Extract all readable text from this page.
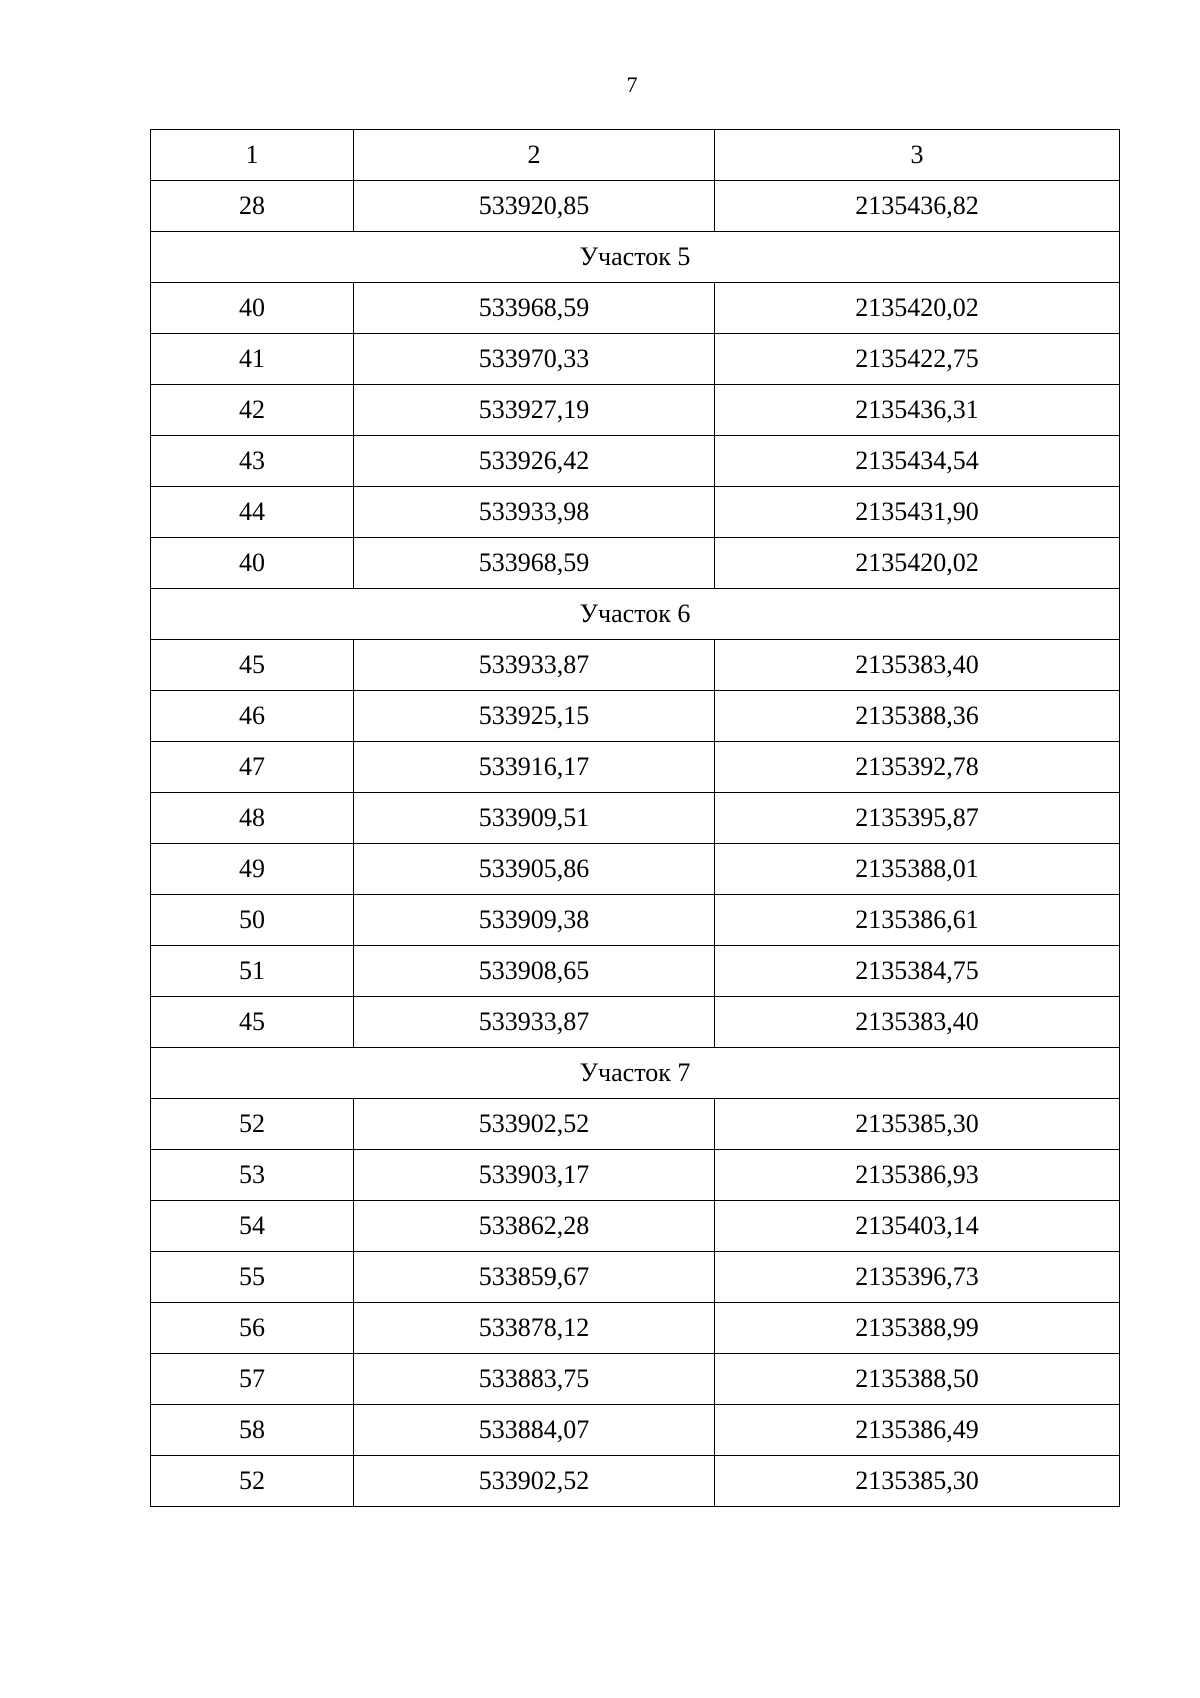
7
1	2	3
28	533920,85	2135436,82
Участок 5		
40	533968,59	2135420,02
41	533970,33	2135422,75
42	533927,19	2135436,31
43	533926,42	2135434,54
44	533933,98	2135431,90
40	533968,59	2135420,02
Участок 6		
45	533933,87	2135383,40
46	533925,15	2135388,36
47	533916,17	2135392,78
48	533909,51	2135395,87
49	533905,86	2135388,01
50	533909,38	2135386,61
51	533908,65	2135384,75
45	533933,87	2135383,40
Участок 7		
52	533902,52	2135385,30
53	533903,17	2135386,93
54	533862,28	2135403,14
55	533859,67	2135396,73
56	533878,12	2135388,99
57	533883,75	2135388,50
58	533884,07	2135386,49
52	533902,52	2135385,30
